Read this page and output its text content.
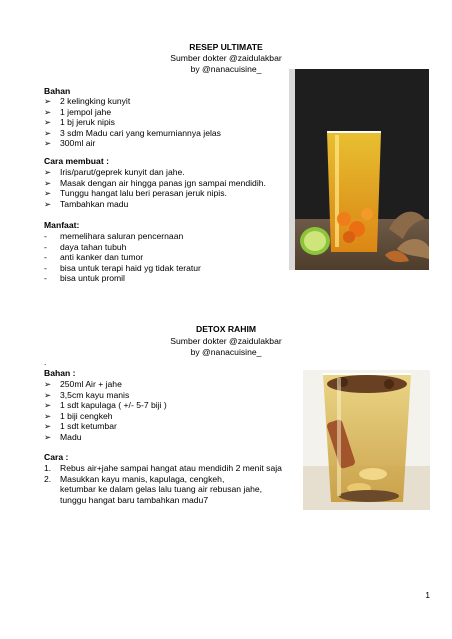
RESEP ULTIMATE
Sumber dokter @zaidulakbar
by @nanacuisine_
Bahan
➢ 2 kelingking kunyit
➢ 1 jempol jahe
➢ 1 bj jeruk nipis
➢ 3 sdm Madu cari yang kemurniannya jelas
➢ 300ml air
Cara membuat :
➢ Iris/parut/geprek kunyit dan jahe.
➢ Masak dengan air hingga panas jgn sampai mendidih.
➢ Tunggu hangat lalu beri perasan jeruk nipis.
➢ Tambahkan madu
Manfaat:
- memelihara saluran pencernaan
- daya tahan tubuh
- anti kanker dan tumor
- bisa untuk terapi haid yg tidak teratur
- bisa untuk promil
DETOX RAHIM
Sumber dokter @zaidulakbar
by @nanacuisine_
.
Bahan :
➢ 250ml Air + jahe
➢ 3,5cm kayu manis
➢ 1 sdt kapulaga ( +/- 5-7 biji )
➢ 1 biji cengkeh
➢ 1 sdt ketumbar
➢ Madu
Cara :
1. Rebus air+jahe sampai hangat atau mendidih 2 menit saja
2. Masukkan kayu manis, kapulaga, cengkeh,
ketumbar ke dalam gelas lalu tuang air rebusan jahe,
tunggu hangat baru tambahkan madu7
1
